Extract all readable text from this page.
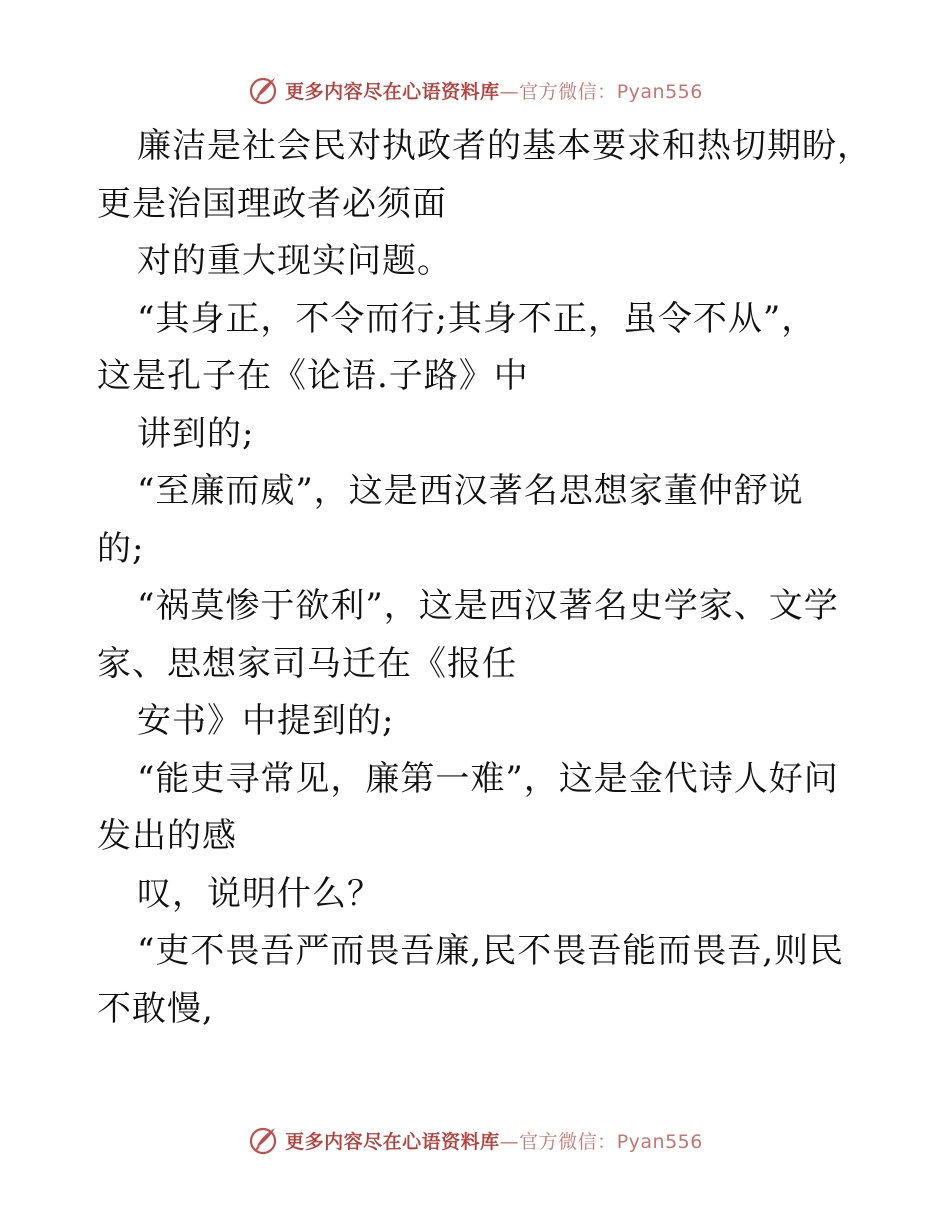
更多内容尽在心语资料库—官方微信：Pyan556
廉洁是社会民对执政者的基本要求和热切期盼，
更是治国理政者必须面
对的重大现实问题。
“其身正，不令而行;其身不正，虽令不从”，
这是孔子在《论语.子路》中
讲到的;
“至廉而威”，这是西汉著名思想家董仲舒说
的;
“祸莫惨于欲利”，这是西汉著名史学家、文学
家、思想家司马迁在《报任
安书》中提到的;
“能吏寻常见，廉第一难”，这是金代诗人好问
发出的感
叹，说明什么？
“吏不畏吾严而畏吾廉,民不畏吾能而畏吾,则民
不敢慢,
更多内容尽在心语资料库—官方微信：Pyan556
